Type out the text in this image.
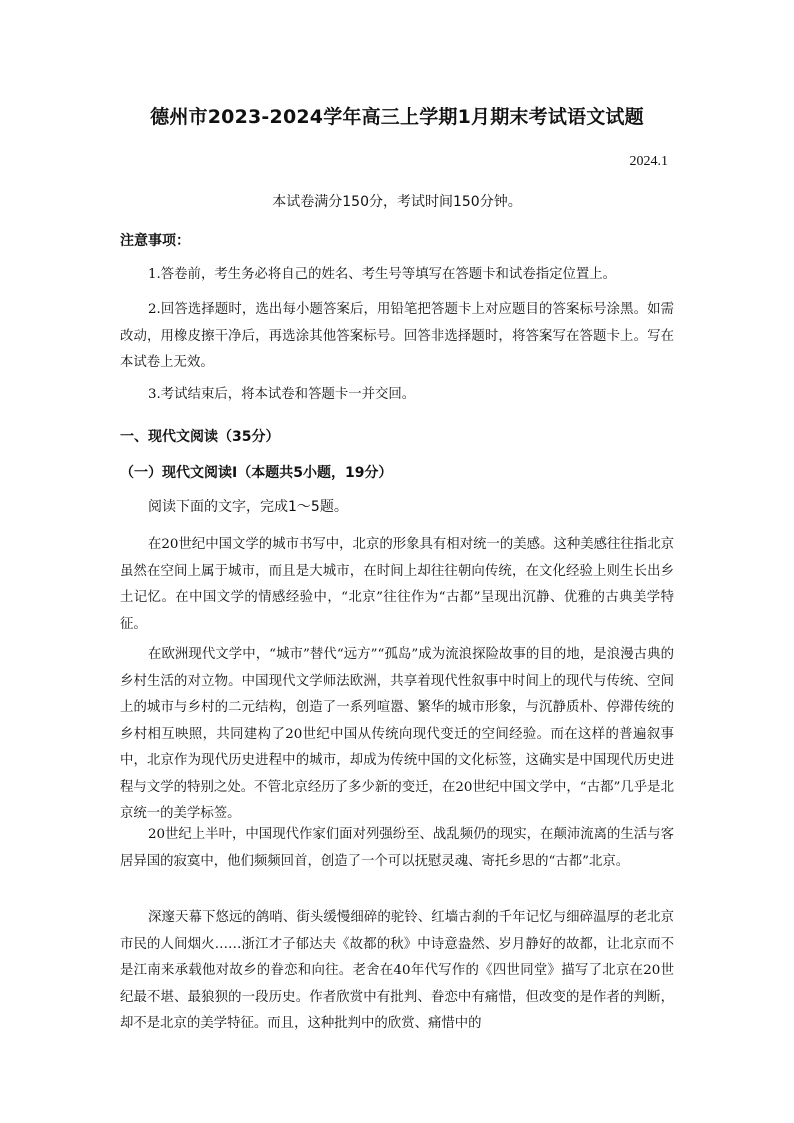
德州市2023-2024学年高三上学期1月期末考试语文试题
2024.1
本试卷满分150分，考试时间150分钟。
注意事项：

1.答卷前，考生务必将自己的姓名、考生号等填写在答题卡和试卷指定位置上。

2.回答选择题时，选出每小题答案后，用铅笔把答题卡上对应题目的答案标号涂黑。如需改动，用橡皮擦干净后，再选涂其他答案标号。回答非选择题时，将答案写在答题卡上。写在本试卷上无效。

3.考试结束后，将本试卷和答题卡一并交回。

一、现代文阅读（35分）
（一）现代文阅读Ⅰ（本题共5小题，19分）

阅读下面的文字，完成1～5题。

在20世纪中国文学的城市书写中，北京的形象具有相对统一的美感。这种美感往往指北京虽然在空间上属于城市，而且是大城市，在时间上却往往朝向传统，在文化经验上则生长出乡土记忆。在中国文学的情感经验中，“北京”往往作为“古都”呈现出沉静、优雅的古典美学特征。

在欧洲现代文学中，“城市”替代“远方”“孤岛”成为流浪探险故事的目的地，是浪漫古典的乡村生活的对立物。中国现代文学师法欧洲，共享着现代性叙事中时间上的现代与传统、空间上的城市与乡村的二元结构，创造了一系列喧嚣、繁华的城市形象，与沉静质朴、停滞传统的乡村相互映照，共同建构了20世纪中国从传统向现代变迁的空间经验。而在这样的普遍叙事中，北京作为现代历史进程中的城市，却成为传统中国的文化标签，这确实是中国现代历史进程与文学的特别之处。不管北京经历了多少新的变迁，在20世纪中国文学中，“古都”几乎是北京统一的美学标签。

20世纪上半叶，中国现代作家们面对列强纷至、战乱频仍的现实，在颠沛流离的生活与客居异国的寂寞中，他们频频回首，创造了一个可以抚慰灵魂、寄托乡思的“古都”北京。

深邃天幕下悠远的鸽哨、街头缓慢细碎的驼铃、红墙古刹的千年记忆与细碎温厚的老北京市民的人间烟火……浙江才子郁达夫《故都的秋》中诗意盎然、岁月静好的故都，让北京而不是江南来承载他对故乡的眷恋和向往。老舍在40年代写作的《四世同堂》描写了北京在20世纪最不堪、最狼狈的一段历史。作者欣赏中有批判、眷恋中有痛惜，但改变的是作者的判断，却不是北京的美学特征。而且，这种批判中的欣赏、痛惜中的
